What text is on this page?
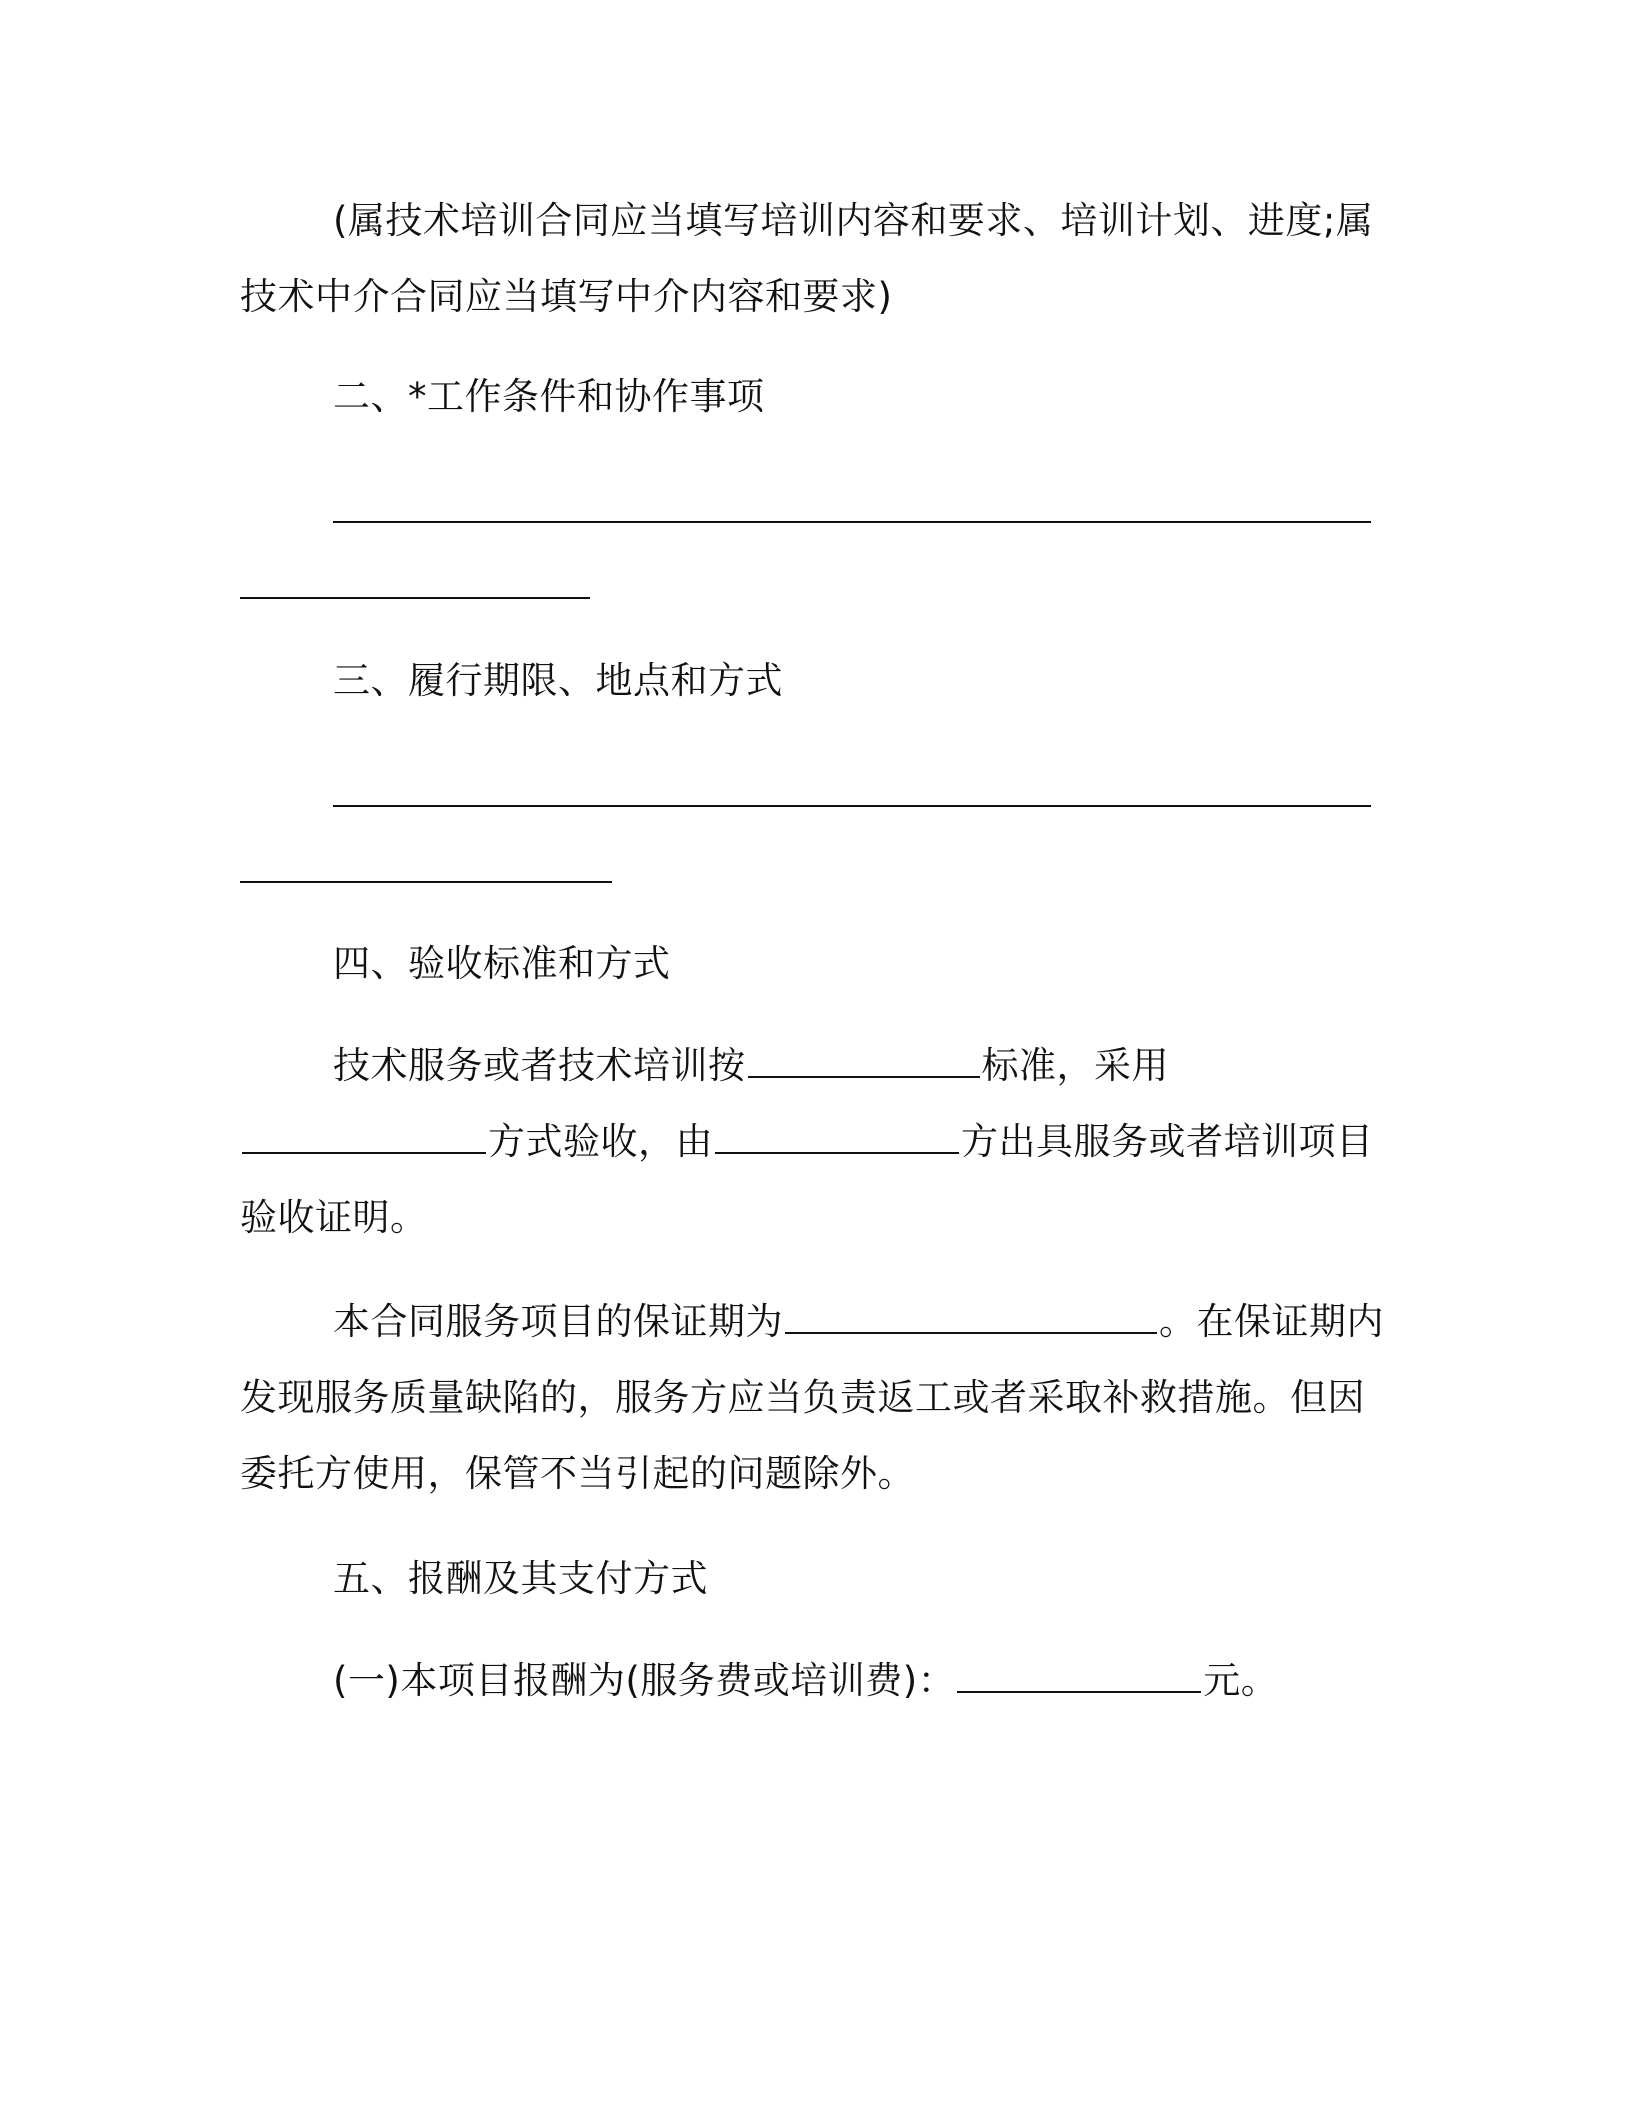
(属技术培训合同应当填写培训内容和要求、培训计划、进度;属
技术中介合同应当填写中介内容和要求)
二、*工作条件和协作事项
三、履行期限、地点和方式
四、验收标准和方式
技术服务或者技术培训按	标准，采用
方式验收，由	方出具服务或者培训项目
验收证明。
本合同服务项目的保证期为	。在保证期内
发现服务质量缺陷的，服务方应当负责返工或者采取补救措施。但因
委托方使用，保管不当引起的问题除外。
五、报酬及其支付方式
(一)本项目报酬为(服务费或培训费)：	元。
